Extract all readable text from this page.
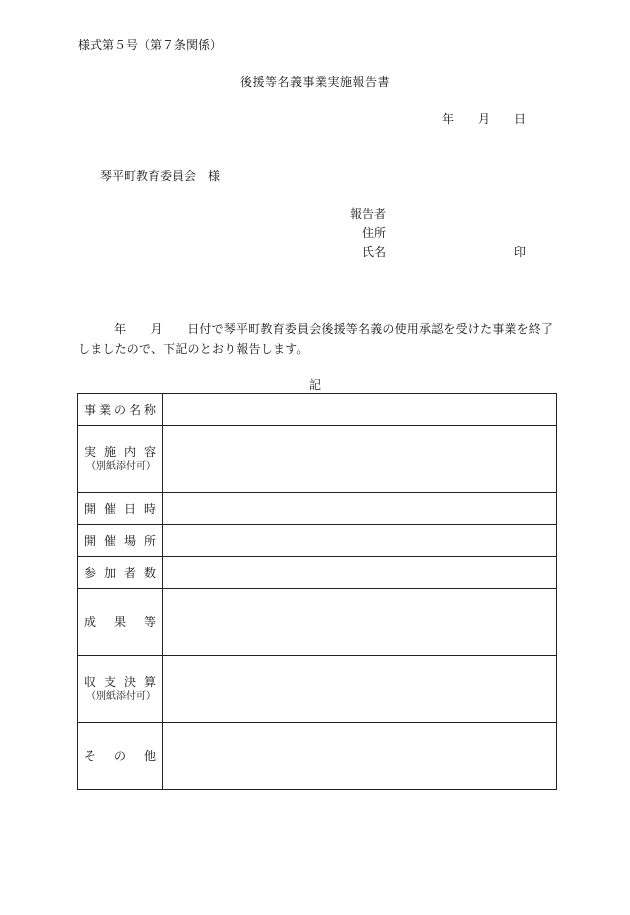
様式第５号（第７条関係）
後援等名義事業実施報告書
年 月 日
琴平町教育委員会　様
報告者
住所
氏名	印
年　　月　　日付で琴平町教育委員会後援等名義の使用承認を受けた事業を終了しましたので、下記のとおり報告します。
記
事業の名称	

実施内容
（別紙添付可）	

開催日時	

開催場所	

参加者数	

成果等	

収支決算
（別紙添付可）	

その他	
